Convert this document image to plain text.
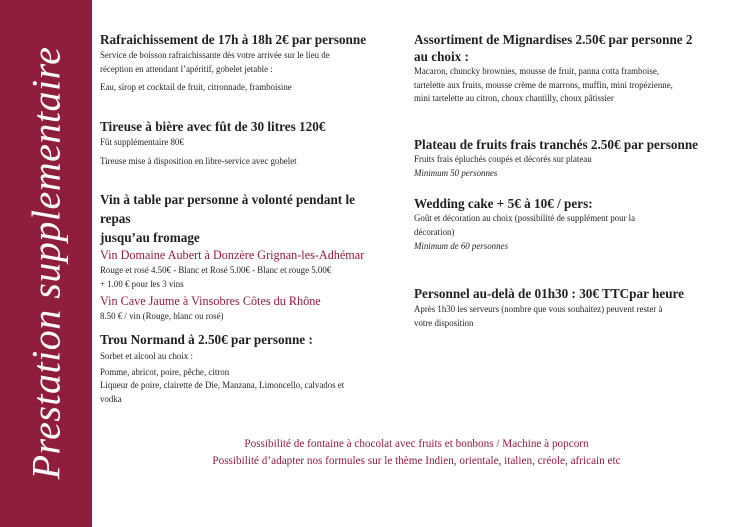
Prestation supplementaire

Rafraichissement de 17h à 18h 2€ par personne

Service de boisson rafraichissante dès votre arrivée sur le lieu de

réception en attendant l’apéritif, gobelet jetable :

Eau, sirop et cocktail de fruit, citronnade, framboisine

Tireuse à bière avec fût de 30 litres 120€

Fût supplémentaire 80€

Tireuse mise à disposition en libre-service avec gobelet

Vin à table par personne à volonté pendant le repas

jusqu’au fromage

Vin Domaine Aubert à Donzère Grignan-les-Adhémar

Rouge et rosé 4.50€ - Blanc et Rosé 5.00€ - Blanc et rouge 5.00€

+ 1.00 € pour les 3 vins

Vin Cave Jaume à Vinsobres Côtes du Rhône

8.50 € / vin (Rouge, blanc ou rosé)

Trou Normand à 2.50€ par personne :

Sorbet et alcool au choix :

Pomme, abricot, poire, pêche, citron

Liqueur de poire, clairette de Die, Manzana, Limoncello, calvados et

vodka

Assortiment de Mignardises 2.50€ par personne 2

au choix :

Macaron, chuncky brownies, mousse de fruit, panna cotta framboise,

tartelette aux fruits, mousse crème de marrons, muffin, mini tropézienne,

mini tartelette au citron, choux chantilly, choux pâtissier

Plateau de fruits frais tranchés 2.50€ par personne

Fruits frais épluchés coupés et décorés sur plateau

Minimum 50 personnes

Wedding cake + 5€ à 10€ / pers:

Goût et décoration au choix (possibilité de supplément pour la

décoration)

Minimum de 60 personnes

Personnel au-delà de 01h30 : 30€ TTCpar heure

Après 1h30 les serveurs (nombre que vous souhaitez) peuvent rester à

votre disposition

Possibilité de fontaine à chocolat avec fruits et bonbons / Machine à popcorn
Possibilité d’adapter nos formules sur le thème Indien, orientale, italien, créole, africain etc
